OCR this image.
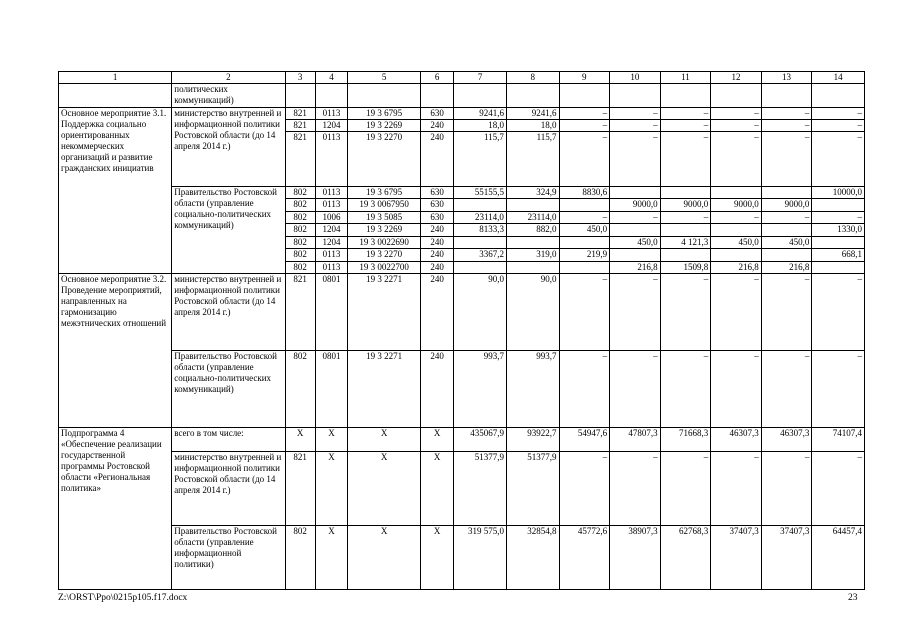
1	2	3	4	5	6	7	8	9	10	11	12	13	14
	политических коммуникаций)												
Основное мероприятие 3.1. Поддержка социально ориентированных некоммерческих организаций и развитие гражданских инициатив	министерство внутренней и информационной политики Ростовской области (до 14 апреля 2014 г.)	821	0113	19 3 6795	630	9241,6	9241,6	–	–	–	–	–	–
		821	1204	19 3 2269	240	18,0	18,0	–	–	–	–	–	–
		821	0113	19 3 2270	240	115,7	115,7	–	–	–	–	–	–
	Правительство Ростовской области (управление социально-политических коммуникаций)	802	0113	19 3 6795	630	55155,5	324,9	8830,6					10000,0
		802	0113	19 3 0067950	630				9000,0	9000,0	9000,0	9000,0	
		802	1006	19 3 5085	630	23114,0	23114,0	–	–	–	–	–	–
		802	1204	19 3 2269	240	8133,3	882,0	450,0					1330,0
		802	1204	19 3 0022690	240				450,0	4 121,3	450,0	450,0	
		802	0113	19 3 2270	240	3367,2	319,0	219,9					668,1
		802	0113	19 3 0022700	240				216,8	1509,8	216,8	216,8	
Основное мероприятие 3.2. Проведение мероприятий, направленных на гармонизацию межэтнических отношений	министерство внутренней и информационной политики Ростовской области (до 14 апреля 2014 г.)	821	0801	19 3 2271	240	90,0	90,0	–	–	–	–	–	–
	Правительство Ростовской области (управление социально-политических коммуникаций)	802	0801	19 3 2271	240	993,7	993,7	–	–	–	–	–	–
Подпрограмма 4 «Обеспечение реализации государственной программы Ростовской области «Региональная политика»	всего в том числе:	X	X	X	X	435067,9	93922,7	54947,6	47807,3	71668,3	46307,3	46307,3	74107,4
	министерство внутренней и информационной политики Ростовской области (до 14 апреля 2014 г.)	821	X	X	X	51377,9	51377,9	–	–	–	–	–	–
	Правительство Ростовской области (управление информационной политики)	802	X	X	X	319 575,0	32854,8	45772,6	38907,3	62768,3	37407,3	37407,3	64457,4
Z:\ORST\Ppo\0215p105.f17.docx	23
